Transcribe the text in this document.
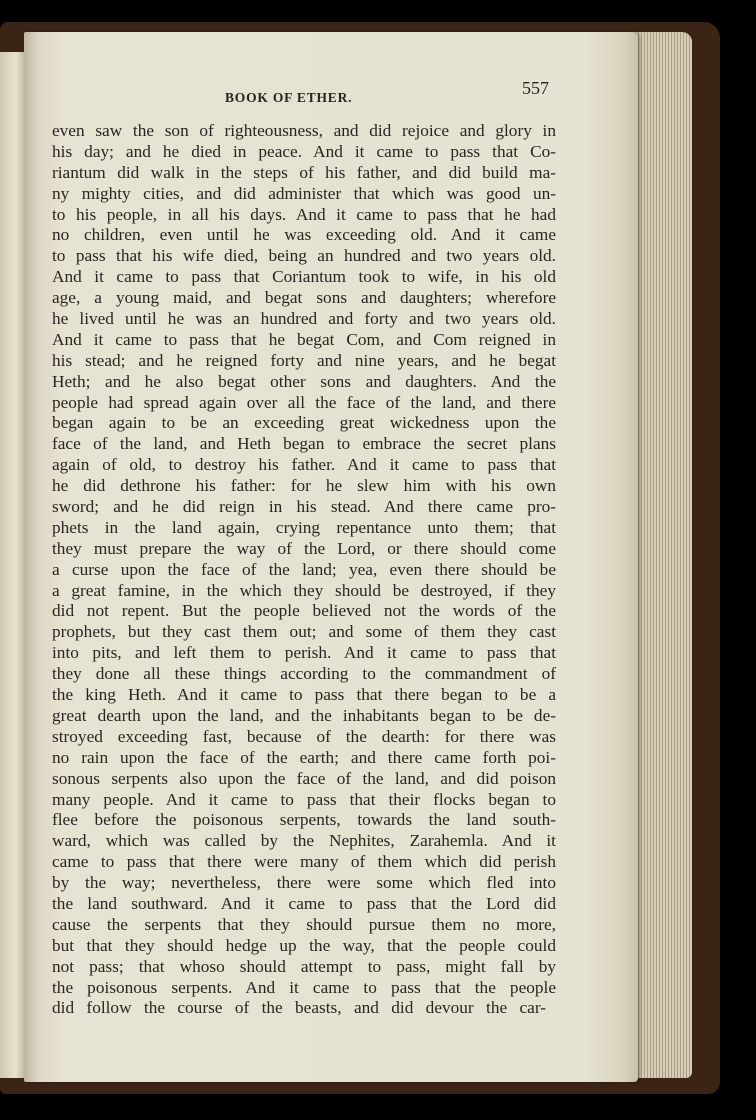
BOOK OF ETHER.	557
even saw the son of righteousness, and did rejoice and glory in
his day; and he died in peace. And it came to pass that Co-
riantum did walk in the steps of his father, and did build ma-
ny mighty cities, and did administer that which was good un-
to his people, in all his days. And it came to pass that he had
no children, even until he was exceeding old. And it came
to pass that his wife died, being an hundred and two years old.
And it came to pass that Coriantum took to wife, in his old
age, a young maid, and begat sons and daughters; wherefore
he lived until he was an hundred and forty and two years old.
And it came to pass that he begat Com, and Com reigned in
his stead; and he reigned forty and nine years, and he begat
Heth; and he also begat other sons and daughters. And the
people had spread again over all the face of the land, and there
began again to be an exceeding great wickedness upon the
face of the land, and Heth began to embrace the secret plans
again of old, to destroy his father. And it came to pass that
he did dethrone his father: for he slew him with his own
sword; and he did reign in his stead. And there came pro-
phets in the land again, crying repentance unto them; that
they must prepare the way of the Lord, or there should come
a curse upon the face of the land; yea, even there should be
a great famine, in the which they should be destroyed, if they
did not repent. But the people believed not the words of the
prophets, but they cast them out; and some of them they cast
into pits, and left them to perish. And it came to pass that
they done all these things according to the commandment of
the king Heth. And it came to pass that there began to be a
great dearth upon the land, and the inhabitants began to be de-
stroyed exceeding fast, because of the dearth: for there was
no rain upon the face of the earth; and there came forth poi-
sonous serpents also upon the face of the land, and did poison
many people. And it came to pass that their flocks began to
flee before the poisonous serpents, towards the land south-
ward, which was called by the Nephites, Zarahemla. And it
came to pass that there were many of them which did perish
by the way; nevertheless, there were some which fled into
the land southward. And it came to pass that the Lord did
cause the serpents that they should pursue them no more,
but that they should hedge up the way, that the people could
not pass; that whoso should attempt to pass, might fall by
the poisonous serpents. And it came to pass that the people
did follow the course of the beasts, and did devour the car-
